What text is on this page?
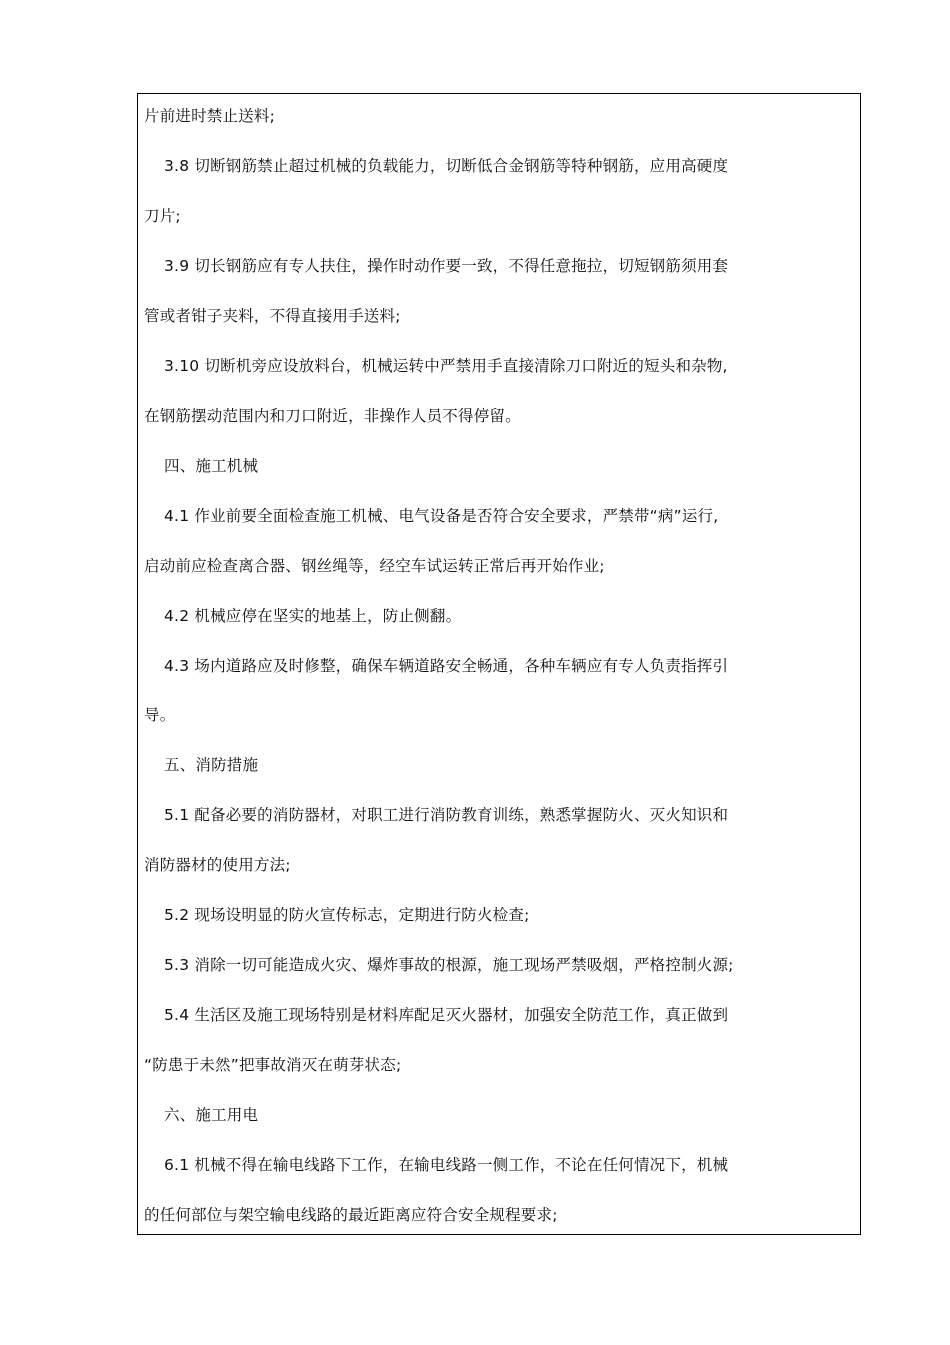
片前进时禁止送料;
3.8 切断钢筋禁止超过机械的负载能力，切断低合金钢筋等特种钢筋，应用高硬度
刀片;
3.9 切长钢筋应有专人扶住，操作时动作要一致，不得任意拖拉，切短钢筋须用套
管或者钳子夹料，不得直接用手送料;
3.10 切断机旁应设放料台，机械运转中严禁用手直接清除刀口附近的短头和杂物,
在钢筋摆动范围内和刀口附近，非操作人员不得停留。
四、施工机械
4.1 作业前要全面检查施工机械、电气设备是否符合安全要求，严禁带“病”运行,
启动前应检查离合器、钢丝绳等，经空车试运转正常后再开始作业;
4.2 机械应停在坚实的地基上，防止侧翻。
4.3 场内道路应及时修整，确保车辆道路安全畅通，各种车辆应有专人负责指挥引
导。
五、消防措施
5.1 配备必要的消防器材，对职工进行消防教育训练，熟悉掌握防火、灭火知识和
消防器材的使用方法;
5.2 现场设明显的防火宣传标志，定期进行防火检查;
5.3 消除一切可能造成火灾、爆炸事故的根源，施工现场严禁吸烟，严格控制火源;
5.4 生活区及施工现场特别是材料库配足灭火器材，加强安全防范工作，真正做到
“防患于未然”把事故消灭在萌芽状态;
六、施工用电
6.1 机械不得在输电线路下工作，在输电线路一侧工作，不论在任何情况下，机械
的任何部位与架空输电线路的最近距离应符合安全规程要求;
